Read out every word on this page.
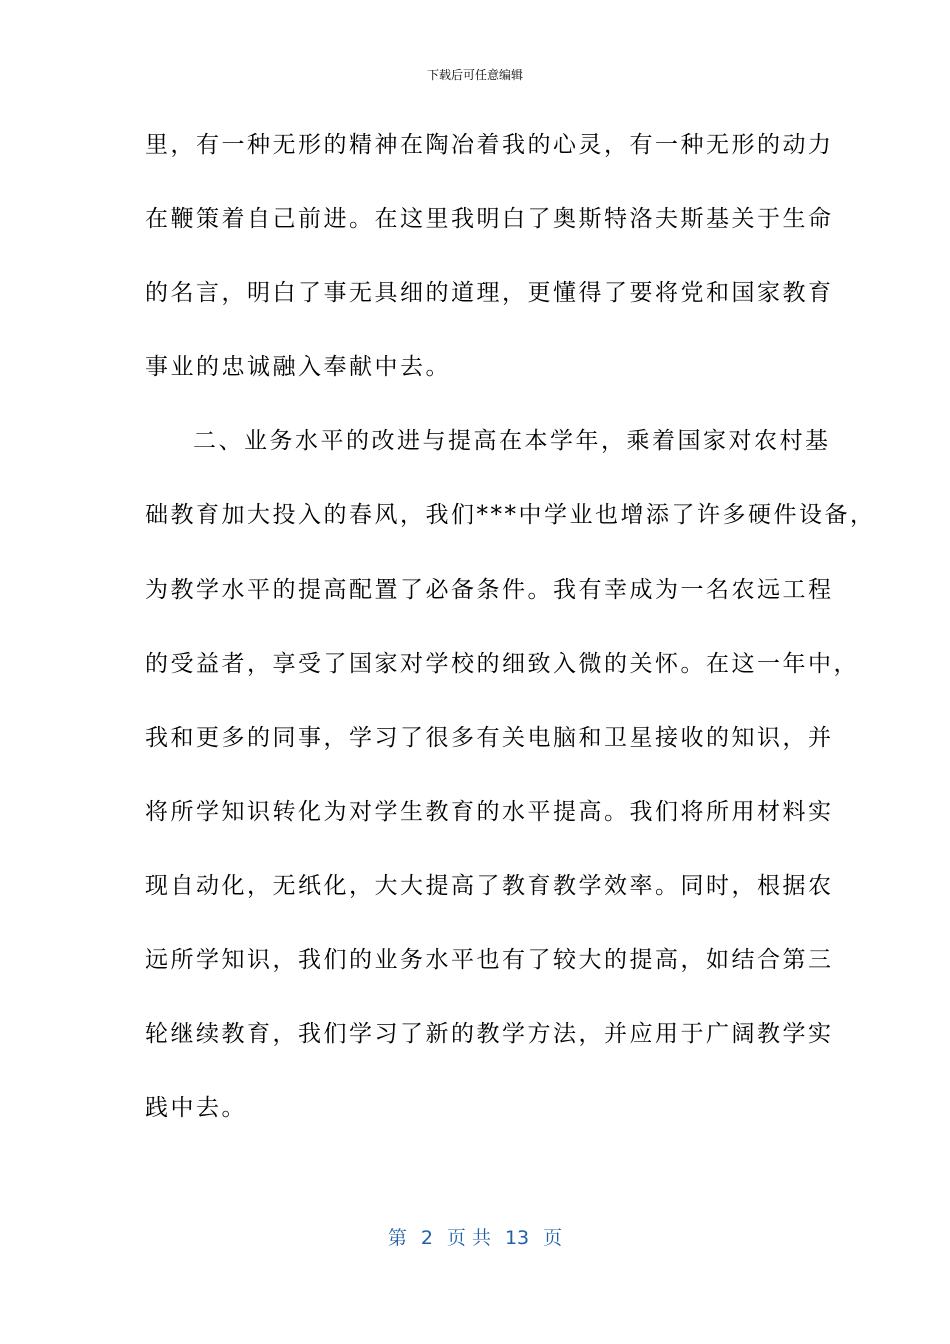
下载后可任意编辑
里，有一种无形的精神在陶冶着我的心灵，有一种无形的动力
在鞭策着自己前进。在这里我明白了奥斯特洛夫斯基关于生命
的名言，明白了事无具细的道理，更懂得了要将党和国家教育
事业的忠诚融入奉献中去。
二、业务水平的改进与提高在本学年，乘着国家对农村基
础教育加大投入的春风，我们***中学业也增添了许多硬件设备，
为教学水平的提高配置了必备条件。我有幸成为一名农远工程
的受益者，享受了国家对学校的细致入微的关怀。在这一年中，
我和更多的同事，学习了很多有关电脑和卫星接收的知识，并
将所学知识转化为对学生教育的水平提高。我们将所用材料实
现自动化，无纸化，大大提高了教育教学效率。同时，根据农
远所学知识，我们的业务水平也有了较大的提高，如结合第三
轮继续教育，我们学习了新的教学方法，并应用于广阔教学实
践中去。
第 2 页 共 13 页
